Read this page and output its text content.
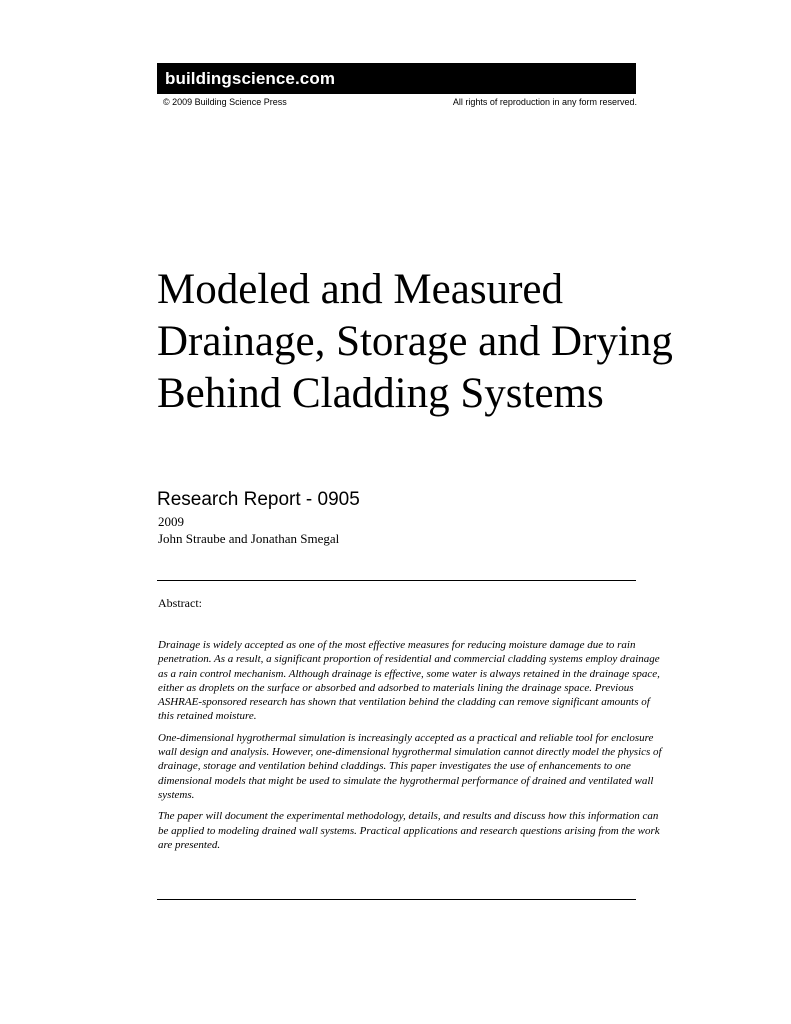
buildingscience.com
© 2009 Building Science Press	All rights of reproduction in any form reserved.
Modeled and Measured Drainage, Storage and Drying Behind Cladding Systems
Research Report - 0905
2009
John Straube and Jonathan Smegal
Abstract:

Drainage is widely accepted as one of the most effective measures for reducing moisture damage due to rain penetration. As a result, a significant proportion of residential and commercial cladding systems employ drainage as a rain control mechanism. Although drainage is effective, some water is always retained in the drainage space, either as droplets on the surface or absorbed and adsorbed to materials lining the drainage space. Previous ASHRAE-sponsored research has shown that ventilation behind the cladding can remove significant amounts of this retained moisture.

One-dimensional hygrothermal simulation is increasingly accepted as a practical and reliable tool for enclosure wall design and analysis. However, one-dimensional hygrothermal simulation cannot directly model the physics of drainage, storage and ventilation behind claddings. This paper investigates the use of enhancements to one dimensional models that might be used to simulate the hygrothermal performance of drained and ventilated wall systems.

The paper will document the experimental methodology, details, and results and discuss how this information can be applied to modeling drained wall systems. Practical applications and research questions arising from the work are presented.
